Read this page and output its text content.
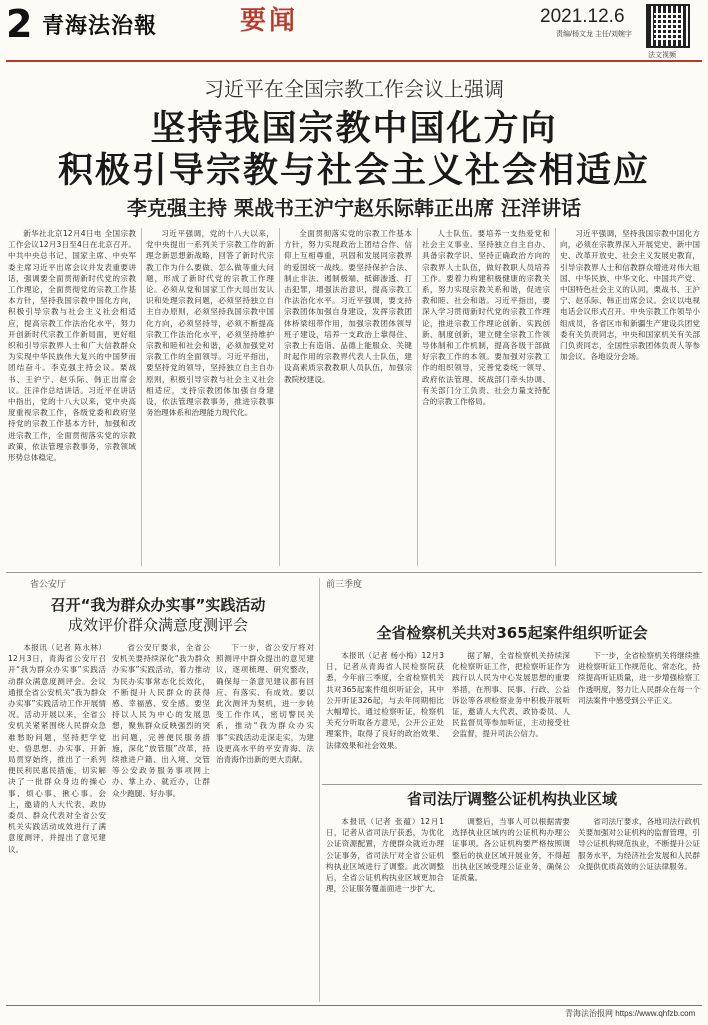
2 青海法治報	要闻	2021.12.6
责编/杨文龙 主任/刘婉宇
法文视频
习近平在全国宗教工作会议上强调
坚持我国宗教中国化方向
积极引导宗教与社会主义社会相适应
李克强主持 栗战书王沪宁赵乐际韩正出席 汪洋讲话

新华社北京12月4日电 全国宗教工作会议12月3日至4日在北京召开。中共中央总书记、国家主席、中央军委主席习近平出席会议并发表重要讲话，强调要全面贯彻新时代党的宗教工作理论，全面贯彻党的宗教工作基本方针，坚持我国宗教中国化方向，积极引导宗教与社会主义社会相适应，提高宗教工作法治化水平，努力开创新时代宗教工作新局面，更好组织和引导宗教界人士和广大信教群众为实现中华民族伟大复兴的中国梦而团结奋斗。李克强主持会议。栗战书、王沪宁、赵乐际、韩正出席会议。汪洋作总结讲话。习近平在讲话中指出，党的十八大以来，党中央高度重视宗教工作，各级党委和政府坚持党的宗教工作基本方针，加强和改进宗教工作，全面贯彻落实党的宗教政策，依法管理宗教事务，宗教领域形势总体稳定。

习近平强调，党的十八大以来，党中央提出一系列关于宗教工作的新理念新思想新战略，回答了新时代宗教工作为什么要做、怎么做等重大问题，形成了新时代党的宗教工作理论。必须从党和国家工作大局出发认识和处理宗教问题，必须坚持独立自主自办原则，必须坚持我国宗教中国化方向，必须坚持导，必须不断提高宗教工作法治化水平，必须坚持维护宗教和睦和社会和谐，必须加强党对宗教工作的全面领导。习近平指出，要坚持党的领导，坚持独立自主自办原则，积极引导宗教与社会主义社会相适应，支持宗教团体加强自身建设，依法管理宗教事务，推进宗教事务治理体系和治理能力现代化。

全面贯彻落实党的宗教工作基本方针，努力实现政治上团结合作、信仰上互相尊重，巩固和发展同宗教界的爱国统一战线。要坚持保护合法、制止非法、遏制极端、抵御渗透、打击犯罪，增强法治意识，提高宗教工作法治化水平。习近平强调，要支持宗教团体加强自身建设，发挥宗教团体桥梁纽带作用，加强宗教团体领导班子建设，培养一支政治上靠得住、宗教上有造诣、品德上能服众、关键时起作用的宗教界代表人士队伍，建设高素质宗教教职人员队伍，加强宗教院校建设。

人士队伍。要培养一支热爱党和社会主义事业、坚持独立自主自办、具备宗教学识、坚持正确政治方向的宗教界人士队伍，做好教职人员培养工作。要着力构建积极健康的宗教关系，努力实现宗教关系和谐，促进宗教和睦、社会和谐。习近平指出，要深入学习贯彻新时代党的宗教工作理论，推进宗教工作理论创新、实践创新、制度创新，建立健全宗教工作领导体制和工作机制，提高各级干部做好宗教工作的本领。要加强对宗教工作的组织领导，完善党委统一领导、政府依法管理、统战部门牵头协调、有关部门分工负责、社会力量支持配合的宗教工作格局。

习近平强调，坚持我国宗教中国化方向，必须在宗教界深入开展党史、新中国史、改革开放史、社会主义发展史教育，引导宗教界人士和信教群众增进对伟大祖国、中华民族、中华文化、中国共产党、中国特色社会主义的认同。栗战书、王沪宁、赵乐际、韩正出席会议。会议以电视电话会议形式召开。中央宗教工作领导小组成员，各省区市和新疆生产建设兵团党委有关负责同志，中央和国家机关有关部门负责同志，全国性宗教团体负责人等参加会议。各地设分会场。

省公安厅
召开“我为群众办实事”实践活动
成效评价群众满意度测评会

本报讯（记者 陈永林）12月3日，青海省公安厅召开“我为群众办实事”实践活动群众满意度测评会。会议通报全省公安机关“我为群众办实事”实践活动工作开展情况。活动开展以来，全省公安机关紧紧围绕人民群众急难愁盼问题，坚持把学党史、悟思想、办实事、开新局贯穿始终，推出了一系列便民利民惠民措施，切实解决了一批群众身边的操心事、烦心事、揪心事。会上，邀请的人大代表、政协委员、群众代表对全省公安机关实践活动成效进行了满意度测评，并提出了意见建议。

省公安厅要求，全省公安机关要持续深化“我为群众办实事”实践活动，着力推动为民办实事常态化长效化，不断提升人民群众的获得感、幸福感、安全感。要坚持以人民为中心的发展思想，聚焦群众反映强烈的突出问题，完善便民服务措施，深化“放管服”改革，持续推进户籍、出入境、交管等公安政务服务事项网上办、掌上办、就近办，让群众少跑腿、好办事。

下一步，省公安厅将对照测评中群众提出的意见建议，逐项梳理、研究整改，确保每一条意见建议都有回应、有落实、有成效。要以此次测评为契机，进一步转变工作作风，密切警民关系，推动“我为群众办实事”实践活动走深走实，为建设更高水平的平安青海、法治青海作出新的更大贡献。

前三季度
全省检察机关共对365起案件组织听证会

本报讯（记者 杨小梅）12月3日，记者从青海省人民检察院获悉，今年前三季度，全省检察机关共对365起案件组织听证会，其中公开听证326起，与去年同期相比大幅增长。通过检察听证，检察机关充分听取各方意见，公开公正处理案件，取得了良好的政治效果、法律效果和社会效果。

据了解，全省检察机关持续深化检察听证工作，把检察听证作为践行以人民为中心发展思想的重要举措，在刑事、民事、行政、公益诉讼等各项检察业务中积极开展听证，邀请人大代表、政协委员、人民监督员等参加听证，主动接受社会监督，提升司法公信力。

下一步，全省检察机关将继续推进检察听证工作规范化、常态化，持续提高听证质量，进一步增强检察工作透明度，努力让人民群众在每一个司法案件中感受到公平正义。

省司法厅调整公证机构执业区域

本报讯（记者 张蕴）12月1日，记者从省司法厅获悉，为优化公证资源配置，方便群众就近办理公证事务，省司法厅对全省公证机构执业区域进行了调整。此次调整后，全省公证机构执业区域更加合理，公证服务覆盖面进一步扩大。

调整后，当事人可以根据需要选择执业区域内的公证机构办理公证事项。各公证机构要严格按照调整后的执业区域开展业务，不得超出执业区域受理公证业务，确保公证质量。

省司法厅要求，各地司法行政机关要加强对公证机构的监督管理，引导公证机构规范执业，不断提升公证服务水平，为经济社会发展和人民群众提供优质高效的公证法律服务。

青海法治报网 https://www.qhfzb.com
